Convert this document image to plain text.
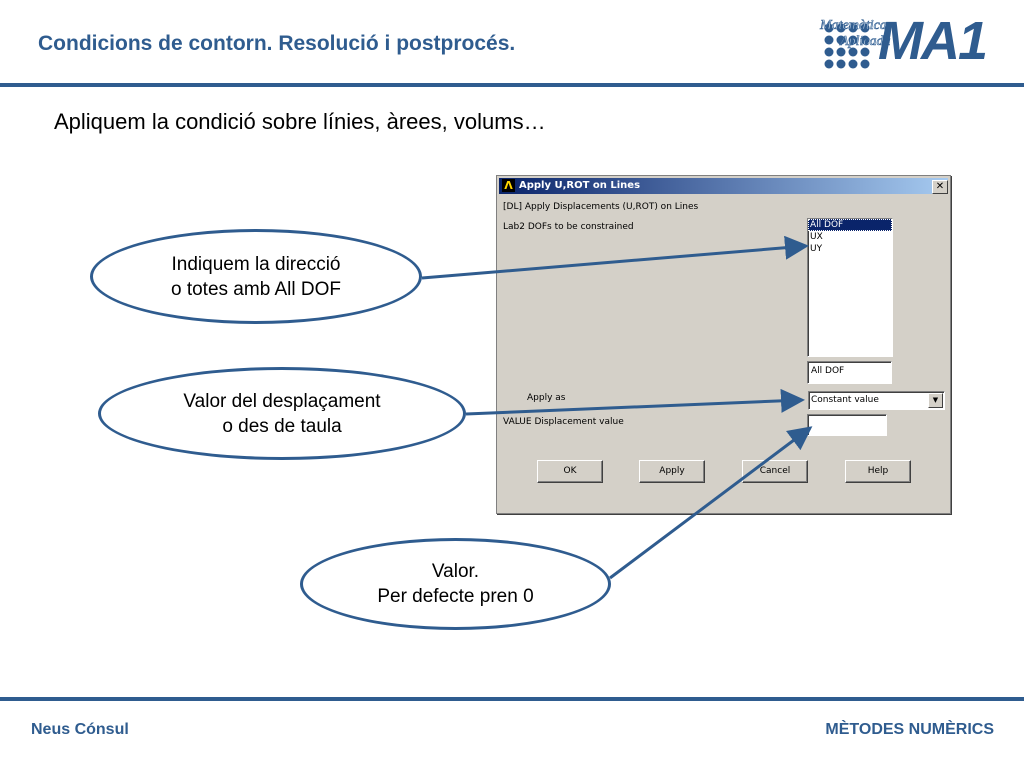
Condicions de contorn. Resolució i postprocés.
Matemàtica
Aplicada
MA1
Apliquem la condició sobre línies, àrees, volums…
Λ Apply U,ROT on Lines	✕
[DL] Apply Displacements (U,ROT) on Lines
Lab2 DOFs to be constrained	All DOF
UX
UY
All DOF
Apply as	Constant value	▼
VALUE Displacement value
OK	Apply	Cancel	Help
Indiquem la direcció
o totes amb All DOF
Valor del desplaçament
o des de taula
Valor.
Per defecte pren 0
Neus Cónsul	MÈTODES NUMÈRICS
